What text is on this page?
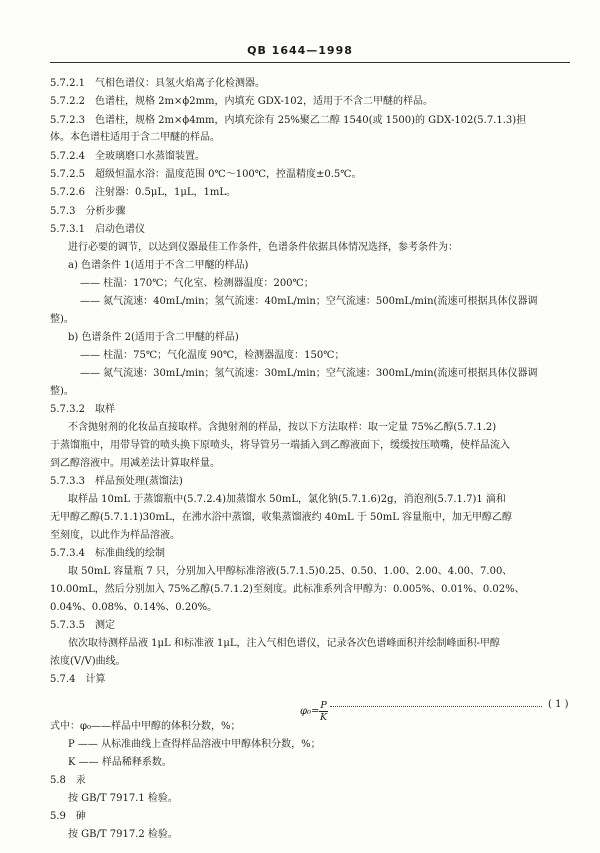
QB 1644—1998
5.7.2.1　气相色谱仪：具氢火焰离子化检测器。
5.7.2.2　色谱柱，规格 2m×ϕ2mm，内填充 GDX-102，适用于不含二甲醚的样品。
5.7.2.3　色谱柱，规格 2m×ϕ4mm，内填充涂有 25%聚乙二醇 1540(或 1500)的 GDX-102(5.7.1.3)担
体。本色谱柱适用于含二甲醚的样品。
5.7.2.4　全玻璃磨口水蒸馏装置。
5.7.2.5　超级恒温水浴：温度范围 0℃～100℃，控温精度±0.5℃。
5.7.2.6　注射器：0.5μL，1μL，1mL。
5.7.3　分析步骤
5.7.3.1　启动色谱仪
进行必要的调节，以达到仪器最佳工作条件，色谱条件依据具体情况选择，参考条件为：
a) 色谱条件 1(适用于不含二甲醚的样品)
—— 柱温：170℃；气化室、检测器温度：200℃；
—— 氮气流速：40mL/min；氢气流速：40mL/min；空气流速：500mL/min(流速可根据具体仪器调
整)。
b) 色谱条件 2(适用于含二甲醚的样品)
—— 柱温：75℃；气化温度 90℃，检测器温度：150℃；
—— 氮气流速：30mL/min；氢气流速：30mL/min；空气流速：300mL/min(流速可根据具体仪器调
整)。
5.7.3.2　取样
不含抛射剂的化妆品直接取样。含抛射剂的样品，按以下方法取样：取一定量 75%乙醇(5.7.1.2)
于蒸馏瓶中，用带导管的喷头换下原喷头，将导管另一端插入到乙醇液面下，缓缓按压喷嘴，使样品流入
到乙醇溶液中。用减差法计算取样量。
5.7.3.3　样品预处理(蒸馏法)
取样品 10mL 于蒸馏瓶中(5.7.2.4)加蒸馏水 50mL，氯化钠(5.7.1.6)2g，消泡剂(5.7.1.7)1 滴和
无甲醇乙醇(5.7.1.1)30mL，在沸水浴中蒸馏，收集蒸馏液约 40mL 于 50mL 容量瓶中，加无甲醇乙醇
至刻度，以此作为样品溶液。
5.7.3.4　标准曲线的绘制
取 50mL 容量瓶 7 只，分别加入甲醇标准溶液(5.7.1.5)0.25、0.50、1.00、2.00、4.00、7.00、
10.00mL，然后分别加入 75%乙醇(5.7.1.2)至刻度。此标准系列含甲醇为：0.005%、0.01%、0.02%、
0.04%、0.08%、0.14%、0.20%。
5.7.3.5　测定
依次取待测样品液 1μL 和标准液 1μL，注入气相色谱仪，记录各次色谱峰面积并绘制峰面积-甲醇
浓度(V/V)曲线。
5.7.4　计算
$\varphi_0= \frac{P}{K}$	( 1 )
式中：φ₀——样品中甲醇的体积分数，%；
P —— 从标准曲线上查得样品溶液中甲醇体积分数，%；
K —— 样品稀释系数。
5.8　汞
按 GB/T 7917.1 检验。
5.9　砷
按 GB/T 7917.2 检验。
